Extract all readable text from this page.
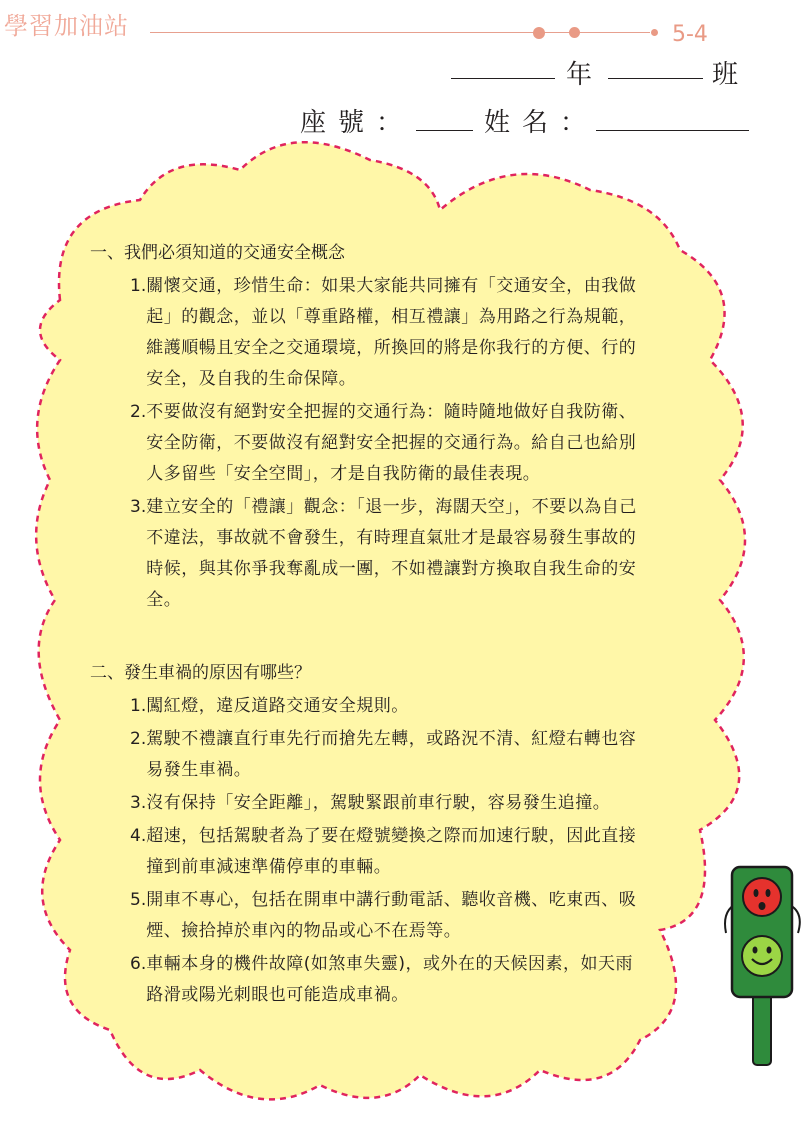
學習加油站	5-4
年	班
座號：	姓名：
一、我們必須知道的交通安全概念
1. 關懷交通，珍惜生命：如果大家能共同擁有「交通安全，由我做起」的觀念，並以「尊重路權，相互禮讓」為用路之行為規範，維護順暢且安全之交通環境，所換回的將是你我行的方便、行的安全，及自我的生命保障。
2. 不要做沒有絕對安全把握的交通行為：隨時隨地做好自我防衛、安全防衛，不要做沒有絕對安全把握的交通行為。給自己也給別人多留些「安全空間」，才是自我防衛的最佳表現。
3. 建立安全的「禮讓」觀念：「退一步，海闊天空」，不要以為自己不違法，事故就不會發生，有時理直氣壯才是最容易發生事故的時候，與其你爭我奪亂成一團，不如禮讓對方換取自我生命的安全。
二、發生車禍的原因有哪些？
1. 闖紅燈，違反道路交通安全規則。
2. 駕駛不禮讓直行車先行而搶先左轉，或路況不清、紅燈右轉也容易發生車禍。
3. 沒有保持「安全距離」，駕駛緊跟前車行駛，容易發生追撞。
4. 超速，包括駕駛者為了要在燈號變換之際而加速行駛，因此直接撞到前車減速準備停車的車輛。
5. 開車不專心，包括在開車中講行動電話、聽收音機、吃東西、吸煙、撿拾掉於車內的物品或心不在焉等。
6. 車輛本身的機件故障(如煞車失靈)，或外在的天候因素，如天雨路滑或陽光刺眼也可能造成車禍。
